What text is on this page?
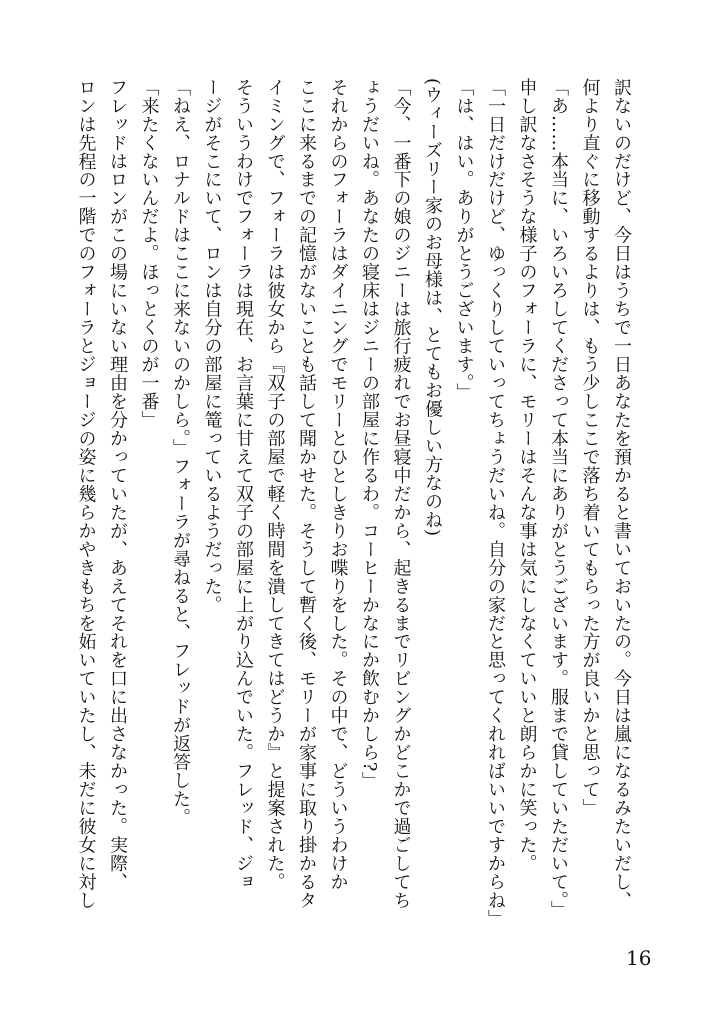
訳ないのだけど、今日はうちで一日あなたを預かると書いておいたの。今日は嵐になるみたいだし、
何より直ぐに移動するよりは、もう少しここで落ち着いてもらった方が良いかと思って」
「あ……本当に、いろいろしてくださって本当にありがとうございます。服まで貸していただいて。」
申し訳なさそうな様子のフォーラに、モリーはそんな事は気にしなくていいと朗らかに笑った。
「一日だけだけど、ゆっくりしていってちょうだいね。自分の家だと思ってくれればいいですからね」
「は、はい。ありがとうございます。」
(ウィーズリー家のお母様は、とてもお優しい方なのね)
「今、一番下の娘のジニーは旅行疲れでお昼寝中だから、起きるまでリビングかどこかで過ごしてち
ょうだいね。あなたの寝床はジニーの部屋に作るわ。コーヒーかなにか飲むかしら?」
それからのフォーラはダイニングでモリーとひとしきりお喋りをした。その中で、どういうわけか
ここに来るまでの記憶がないことも話して聞かせた。そうして暫く後、モリーが家事に取り掛かるタ
イミングで、フォーラは彼女から『双子の部屋で軽く時間を潰してきてはどうか』と提案された。
そういうわけでフォーラは現在、お言葉に甘えて双子の部屋に上がり込んでいた。フレッド、ジョ
ージがそこにいて、ロンは自分の部屋に篭っているようだった。
「ねえ、ロナルドはここに来ないのかしら。」フォーラが尋ねると、フレッドが返答した。
「来たくないんだよ。ほっとくのが一番」
フレッドはロンがこの場にいない理由を分かっていたが、あえてそれを口に出さなかった。実際、
ロンは先程の一階でのフォーラとジョージの姿に幾らかやきもちを妬いていたし、未だに彼女に対し
16
